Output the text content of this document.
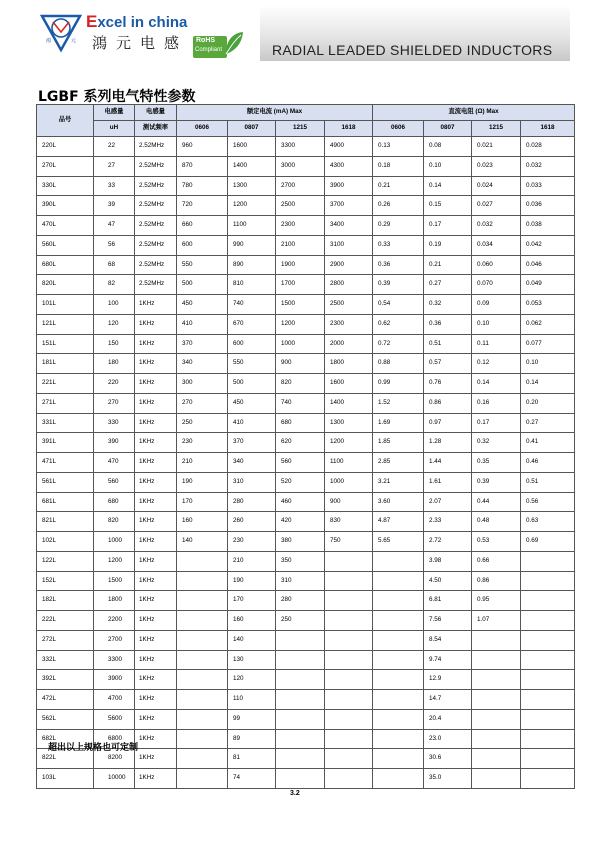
鴻	元
Excel in china
鴻元电感 RoHS
Compliant	RADIAL LEADED SHIELDED INDUCTORS
LGBF 系列电气特性参数
品号	电感量	电感量	额定电流 (mA) Max				直流电阻 (Ω) Max			
	uH	测试频率	0606	0807	1215	1618	0606	0807	1215	1618
220L	22	2.52MHz	960	1600	3300	4900	0.13	0.08	0.021	0.028
270L	27	2.52MHz	870	1400	3000	4300	0.18	0.10	0.023	0.032
330L	33	2.52MHz	780	1300	2700	3900	0.21	0.14	0.024	0.033
390L	39	2.52MHz	720	1200	2500	3700	0.26	0.15	0.027	0.036
470L	47	2.52MHz	660	1100	2300	3400	0.29	0.17	0.032	0.038
560L	56	2.52MHz	600	990	2100	3100	0.33	0.19	0.034	0.042
680L	68	2.52MHz	550	890	1900	2900	0.36	0.21	0.060	0.046
820L	82	2.52MHz	500	810	1700	2800	0.39	0.27	0.070	0.049
101L	100	1KHz	450	740	1500	2500	0.54	0.32	0.09	0.053
121L	120	1KHz	410	670	1200	2300	0.62	0.36	0.10	0.062
151L	150	1KHz	370	600	1000	2000	0.72	0.51	0.11	0.077
181L	180	1KHz	340	550	900	1800	0.88	0.57	0.12	0.10
221L	220	1KHz	300	500	820	1600	0.99	0.76	0.14	0.14
271L	270	1KHz	270	450	740	1400	1.52	0.86	0.16	0.20
331L	330	1KHz	250	410	680	1300	1.69	0.97	0.17	0.27
391L	390	1KHz	230	370	620	1200	1.85	1.28	0.32	0.41
471L	470	1KHz	210	340	560	1100	2.85	1.44	0.35	0.46
561L	560	1KHz	190	310	520	1000	3.21	1.61	0.39	0.51
681L	680	1KHz	170	280	460	900	3.60	2.07	0.44	0.56
821L	820	1KHz	160	260	420	830	4.87	2.33	0.48	0.63
102L	1000	1KHz	140	230	380	750	5.65	2.72	0.53	0.69
122L	1200	1KHz		210	350			3.98	0.66	
152L	1500	1KHz		190	310			4.50	0.86	
182L	1800	1KHz		170	280			6.81	0.95	
222L	2200	1KHz		160	250			7.56	1.07	
272L	2700	1KHz		140				8.54		
332L	3300	1KHz		130				9.74		
392L	3900	1KHz		120				12.9		
472L	4700	1KHz		110				14.7		
562L	5600	1KHz		99				20.4		
682L	6800	1KHz		89				23.0		
822L	8200	1KHz		81				30.6		
103L	10000	1KHz		74				35.0		
超出以上规格也可定制
3.2
